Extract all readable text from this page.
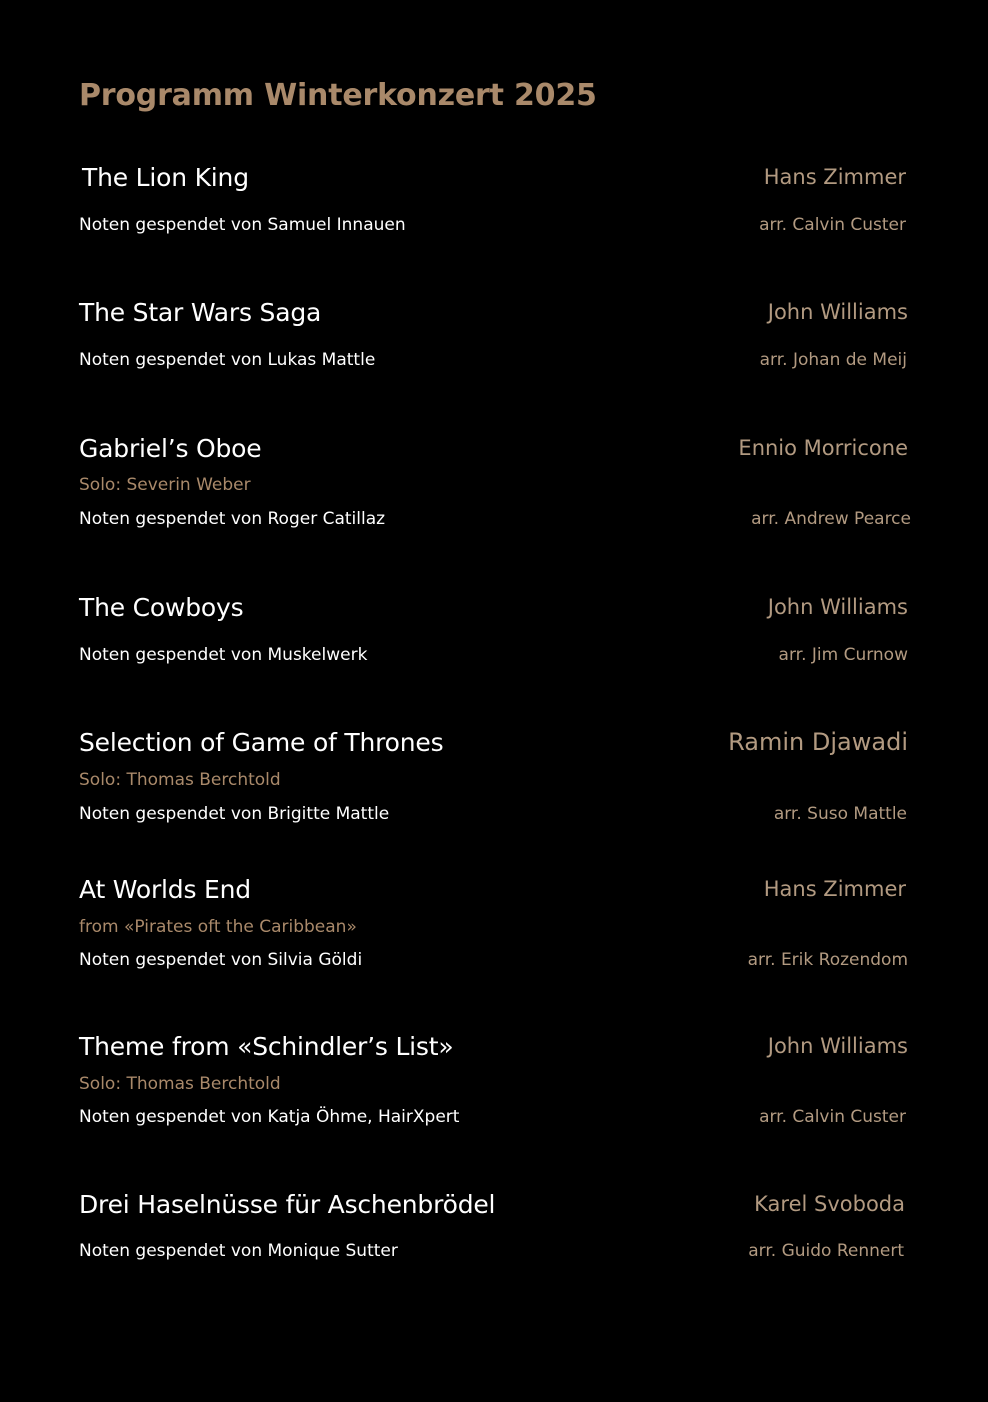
Programm Winterkonzert 2025
The Lion King	Hans Zimmer
Noten gespendet von Samuel Innauen	arr. Calvin Custer
The Star Wars Saga	John Williams
Noten gespendet von Lukas Mattle	arr. Johan de Meij
Gabriel’s Oboe	Ennio Morricone
Solo: Severin Weber
Noten gespendet von Roger Catillaz	arr. Andrew Pearce
The Cowboys	John Williams
Noten gespendet von Muskelwerk	arr. Jim Curnow
Selection of Game of Thrones	Ramin Djawadi
Solo: Thomas Berchtold
Noten gespendet von Brigitte Mattle	arr. Suso Mattle
At Worlds End	Hans Zimmer
from «Pirates oft the Caribbean»
Noten gespendet von Silvia Göldi	arr. Erik Rozendom
Theme from «Schindler’s List»	John Williams
Solo: Thomas Berchtold
Noten gespendet von Katja Öhme, HairXpert	arr. Calvin Custer
Drei Haselnüsse für Aschenbrödel	Karel Svoboda
Noten gespendet von Monique Sutter	arr. Guido Rennert
